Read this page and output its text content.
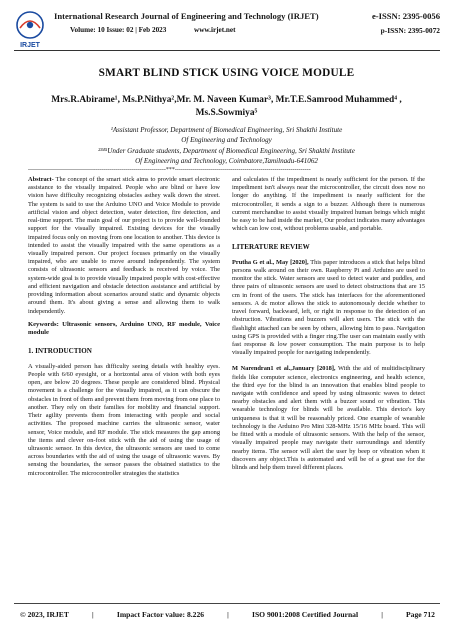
IRJET
International Research Journal of Engineering and Technology (IRJET)	e-ISSN: 2395-0056
Volume: 10 Issue: 02 | Feb 2023	www.irjet.net	p-ISSN: 2395-0072
SMART BLIND STICK USING VOICE MODULE
Mrs.R.Abirame¹, Ms.P.Nithya²,Mr. M. Naveen Kumar³, Mr.T.E.Samrood Muhammed⁴ ,
Ms.S.Sowmiya⁵

¹Assistant Professor, Department of Biomedical Engineering, Sri Shakthi Institute
Of Engineering and Technology

²³⁴⁵Under Graduate students, Department of Biomedical Engineering, Sri Shakthi Institute
Of Engineering and Technology, Coimbatore,Tamilnadu-641062

---------------------------------------------------------------------***--------------------------------------------------------------------

Abstract- The concept of the smart stick aims to provide smart electronic assistance to the visually impaired. People who are blind or have low vision have difficulty recognizing obstacles asthey walk down the street. The system is said to use the Arduino UNO and Voice Module to provide artificial vision and object detection, water detection, fire detection, and real-time support. The main goal of our project is to provide well-founded support for the visually impaired. Existing devices for the visually impaired focus only on moving from one location to another. This device is intended to assist the visually impaired with the same operations as a visually impaired person. Our project focuses primarily on the visually impaired, who are unable to move around independently. The system consists of ultrasonic sensors and feedback is received by voice. The system-wide goal is to provide visually impaired people with cost-effective and efficient navigation and obstacle detection assistance and artificial by providing information about scenarios around static and dynamic objects around them. It's about giving a sense and allowing them to walk independently.

Keywords: Ultrasonic sensors, Arduino UNO, RF module, Voice module

1. INTRODUCTION

A visually-aided person has difficulty seeing details with healthy eyes. People with 6/60 eyesight, or a horizontal area of vision with both eyes open, are below 20 degrees. These people are considered blind. Physical movement is a challenge for the visually impaired, as it can obscure the obstacles in front of them and prevent them from moving from one place to another. They rely on their families for mobility and financial support. Their agility prevents them from interacting with people and social activities. The proposed machine carries the ultrasonic sensor, water sensor, Voice module, and RF module. The stick measures the gap among the items and clever on-foot stick with the aid of using the usage of ultrasonic sensor. In this device, the ultrasonic sensors are used to come across boundaries with the aid of using the usage of ultrasonic waves. By sensing the boundaries, the sensor passes the obtained statistics to the microcontroller. The microcontroller strategies the statistics

and calculates if the impediment is nearly sufficient for the person. If the impediment isn't always near the microcontroller, the circuit does now no longer do anything. If the impediment is nearly sufficient for the microcontroller, it sends a sign to a buzzer. Although there is numerous current merchandise to assist visually impaired human beings which might be easy to be had inside the market, Our product indicates many advantages which can low cost, without problems usable, and portable.

LITERATURE REVIEW

Prutha G et al., May [2020], This paper introduces a stick that helps blind persons walk around on their own. Raspberry Pi and Arduino are used to monitor the stick. Water sensors are used to detect water and puddles, and three pairs of ultrasonic sensors are used to detect obstructions that are 15 cm in front of the users. The stick has interfaces for the aforementioned sensors. A dc motor allows the stick to autonomously decide whether to travel forward, backward, left, or right in response to the detection of an obstruction. Vibrations and buzzers will alert users. The stick with the flashlight attached can be seen by others, allowing him to pass. Navigation using GPS is provided with a finger ring.The user can maintain easily with fast response & low power consumption. The main purpose is to help visually impaired people for navigating independently.

M Narendran1 et al.,January [2018], With the aid of multidisciplinary fields like computer science, electronics engineering, and health science, the third eye for the blind is an innovation that enables blind people to navigate with confidence and speed by using ultrasonic waves to detect nearby obstacles and alert them with a buzzer sound or vibration. This wearable technology for blinds will be available. This device's key uniqueness is that it will be reasonably priced. One example of wearable technology is the Arduino Pro Mini 328-MHz 15/16 MHz board. This will be fitted with a module of ultrasonic sensors. With the help of the sensor, visually impaired people may navigate their surroundings and identify nearby items. The sensor will alert the user by beep or vibration when it discovers any object.This is automated and will be of a great use for the blinds and help them travel different places.

© 2023, IRJET	|	Impact Factor value: 8.226	|	ISO 9001:2008 Certified Journal	|	Page 712
